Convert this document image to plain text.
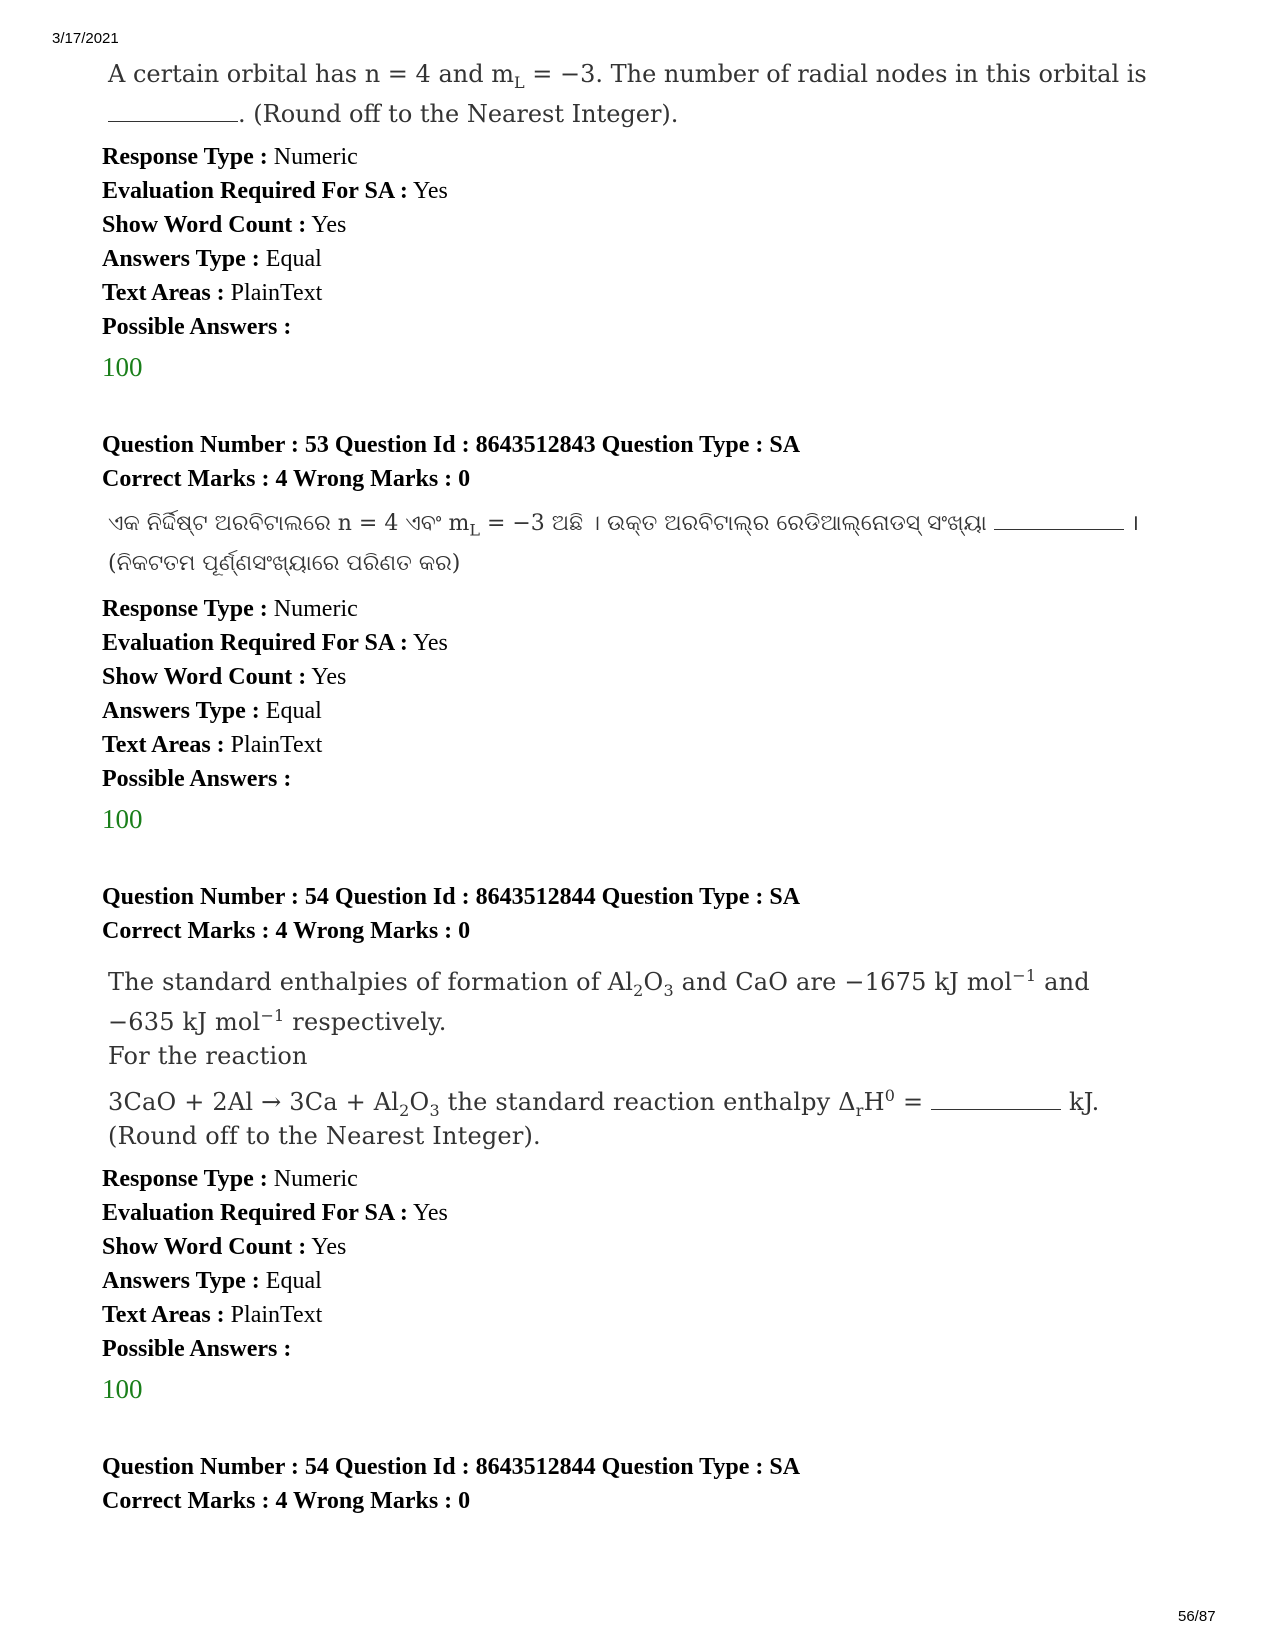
3/17/2021
A certain orbital has n = 4 and $m_L = -3$. The number of radial nodes in this orbital is
. (Round off to the Nearest Integer).
Response Type : Numeric
Evaluation Required For SA : Yes
Show Word Count : Yes
Answers Type : Equal
Text Areas : PlainText
Possible Answers :
100
Question Number : 53 Question Id : 8643512843 Question Type : SA
Correct Marks : 4 Wrong Marks : 0
ଏକ ନିର୍ଦ୍ଦିଷ୍ଟ ଅରବିଟାଲରେ n = 4 ଏବଂ $m_L = -3$ ଅଛି । ଉକ୍ତ ଅରବିଟାଲ୍‌ର ରେଡିଆଲ୍‌ନୋଡସ୍ ସଂଖ୍ୟା	।
(ନିକଟତମ ପୂର୍ଣ୍ଣସଂଖ୍ୟାରେ ପରିଣତ କର)
Response Type : Numeric
Evaluation Required For SA : Yes
Show Word Count : Yes
Answers Type : Equal
Text Areas : PlainText
Possible Answers :
100
Question Number : 54 Question Id : 8643512844 Question Type : SA
Correct Marks : 4 Wrong Marks : 0
The standard enthalpies of formation of $Al_2O_3$ and CaO are −1675 kJ mol$^{-1}$ and
−635 kJ mol$^{-1}$ respectively.
For the reaction
$3CaO + 2Al \to 3Ca + Al_2O_3$ the standard reaction enthalpy $\Delta_rH^0$ =	kJ.
(Round off to the Nearest Integer).
Response Type : Numeric
Evaluation Required For SA : Yes
Show Word Count : Yes
Answers Type : Equal
Text Areas : PlainText
Possible Answers :
100
Question Number : 54 Question Id : 8643512844 Question Type : SA
Correct Marks : 4 Wrong Marks : 0
56/87
